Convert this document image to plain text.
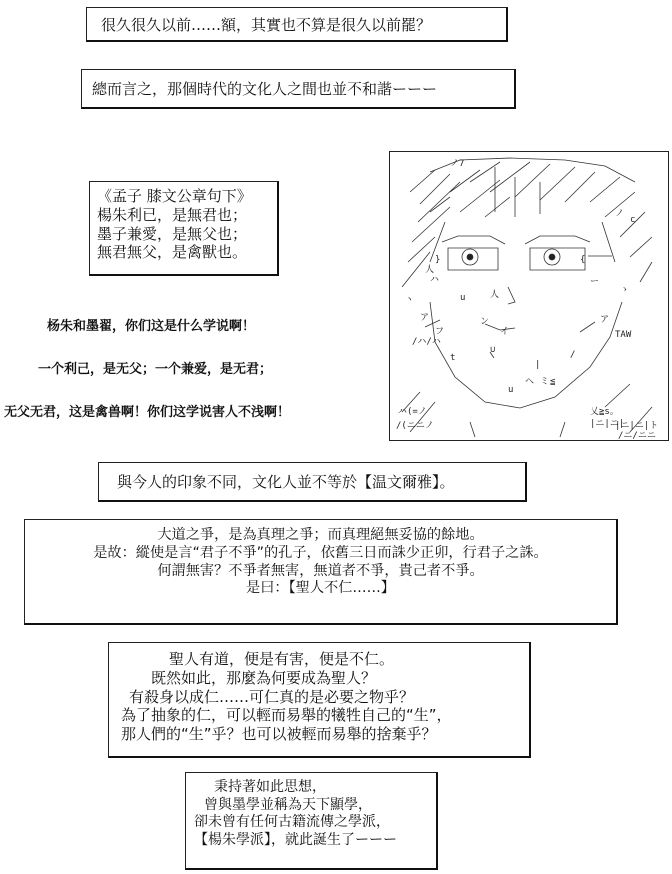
很久很久以前……額，其實也不算是很久以前罷？
總而言之，那個時代的文化人之間也並不和諧ーーー
《孟子 膝文公章句下》
楊朱利已，是無君也；
墨子兼愛，是無父也；
無君無父，是禽獸也。
杨朱和墨翟，你们这是什么学说啊！
一个利己，是无父；一个兼爱，是无君；
无父无君，这是禽兽啊！你们这学说害人不浅啊！
ノ7
ノ
人
ヽ	u	人
ア
フ
ア
TAW
/ハ/ハ
ン
t
∪
u
ヘ ミ ≦
乂≧s。
|ニ|ニ|
|ニ|ニ|ト
ハ(=ノ
/(ニニノ
/ニ/ニニ
{
}
ハ	ー
c
イ
ゝ
|
/
與今人的印象不同，文化人並不等於【温文爾雅】。
大道之爭，是為真理之爭；而真理絕無妥協的餘地。
是故：縱使是言“君子不爭”的孔子，依舊三日而誅少正卯，行君子之誅。
何謂無害？不爭者無害，無道者不爭，貴己者不爭。
是曰：【聖人不仁……】
聖人有道，便是有害，便是不仁。
既然如此，那麼為何要成為聖人？
有殺身以成仁……可仁真的是必要之物乎？
為了抽象的仁，可以輕而易舉的犧牲自己的“生”，
那人們的“生”乎？也可以被輕而易舉的捨棄乎？
秉持著如此思想，
曾與墨學並稱為天下顯學，
卻未曾有任何古籍流傳之學派，
【楊朱學派】，就此誕生了ーーー
